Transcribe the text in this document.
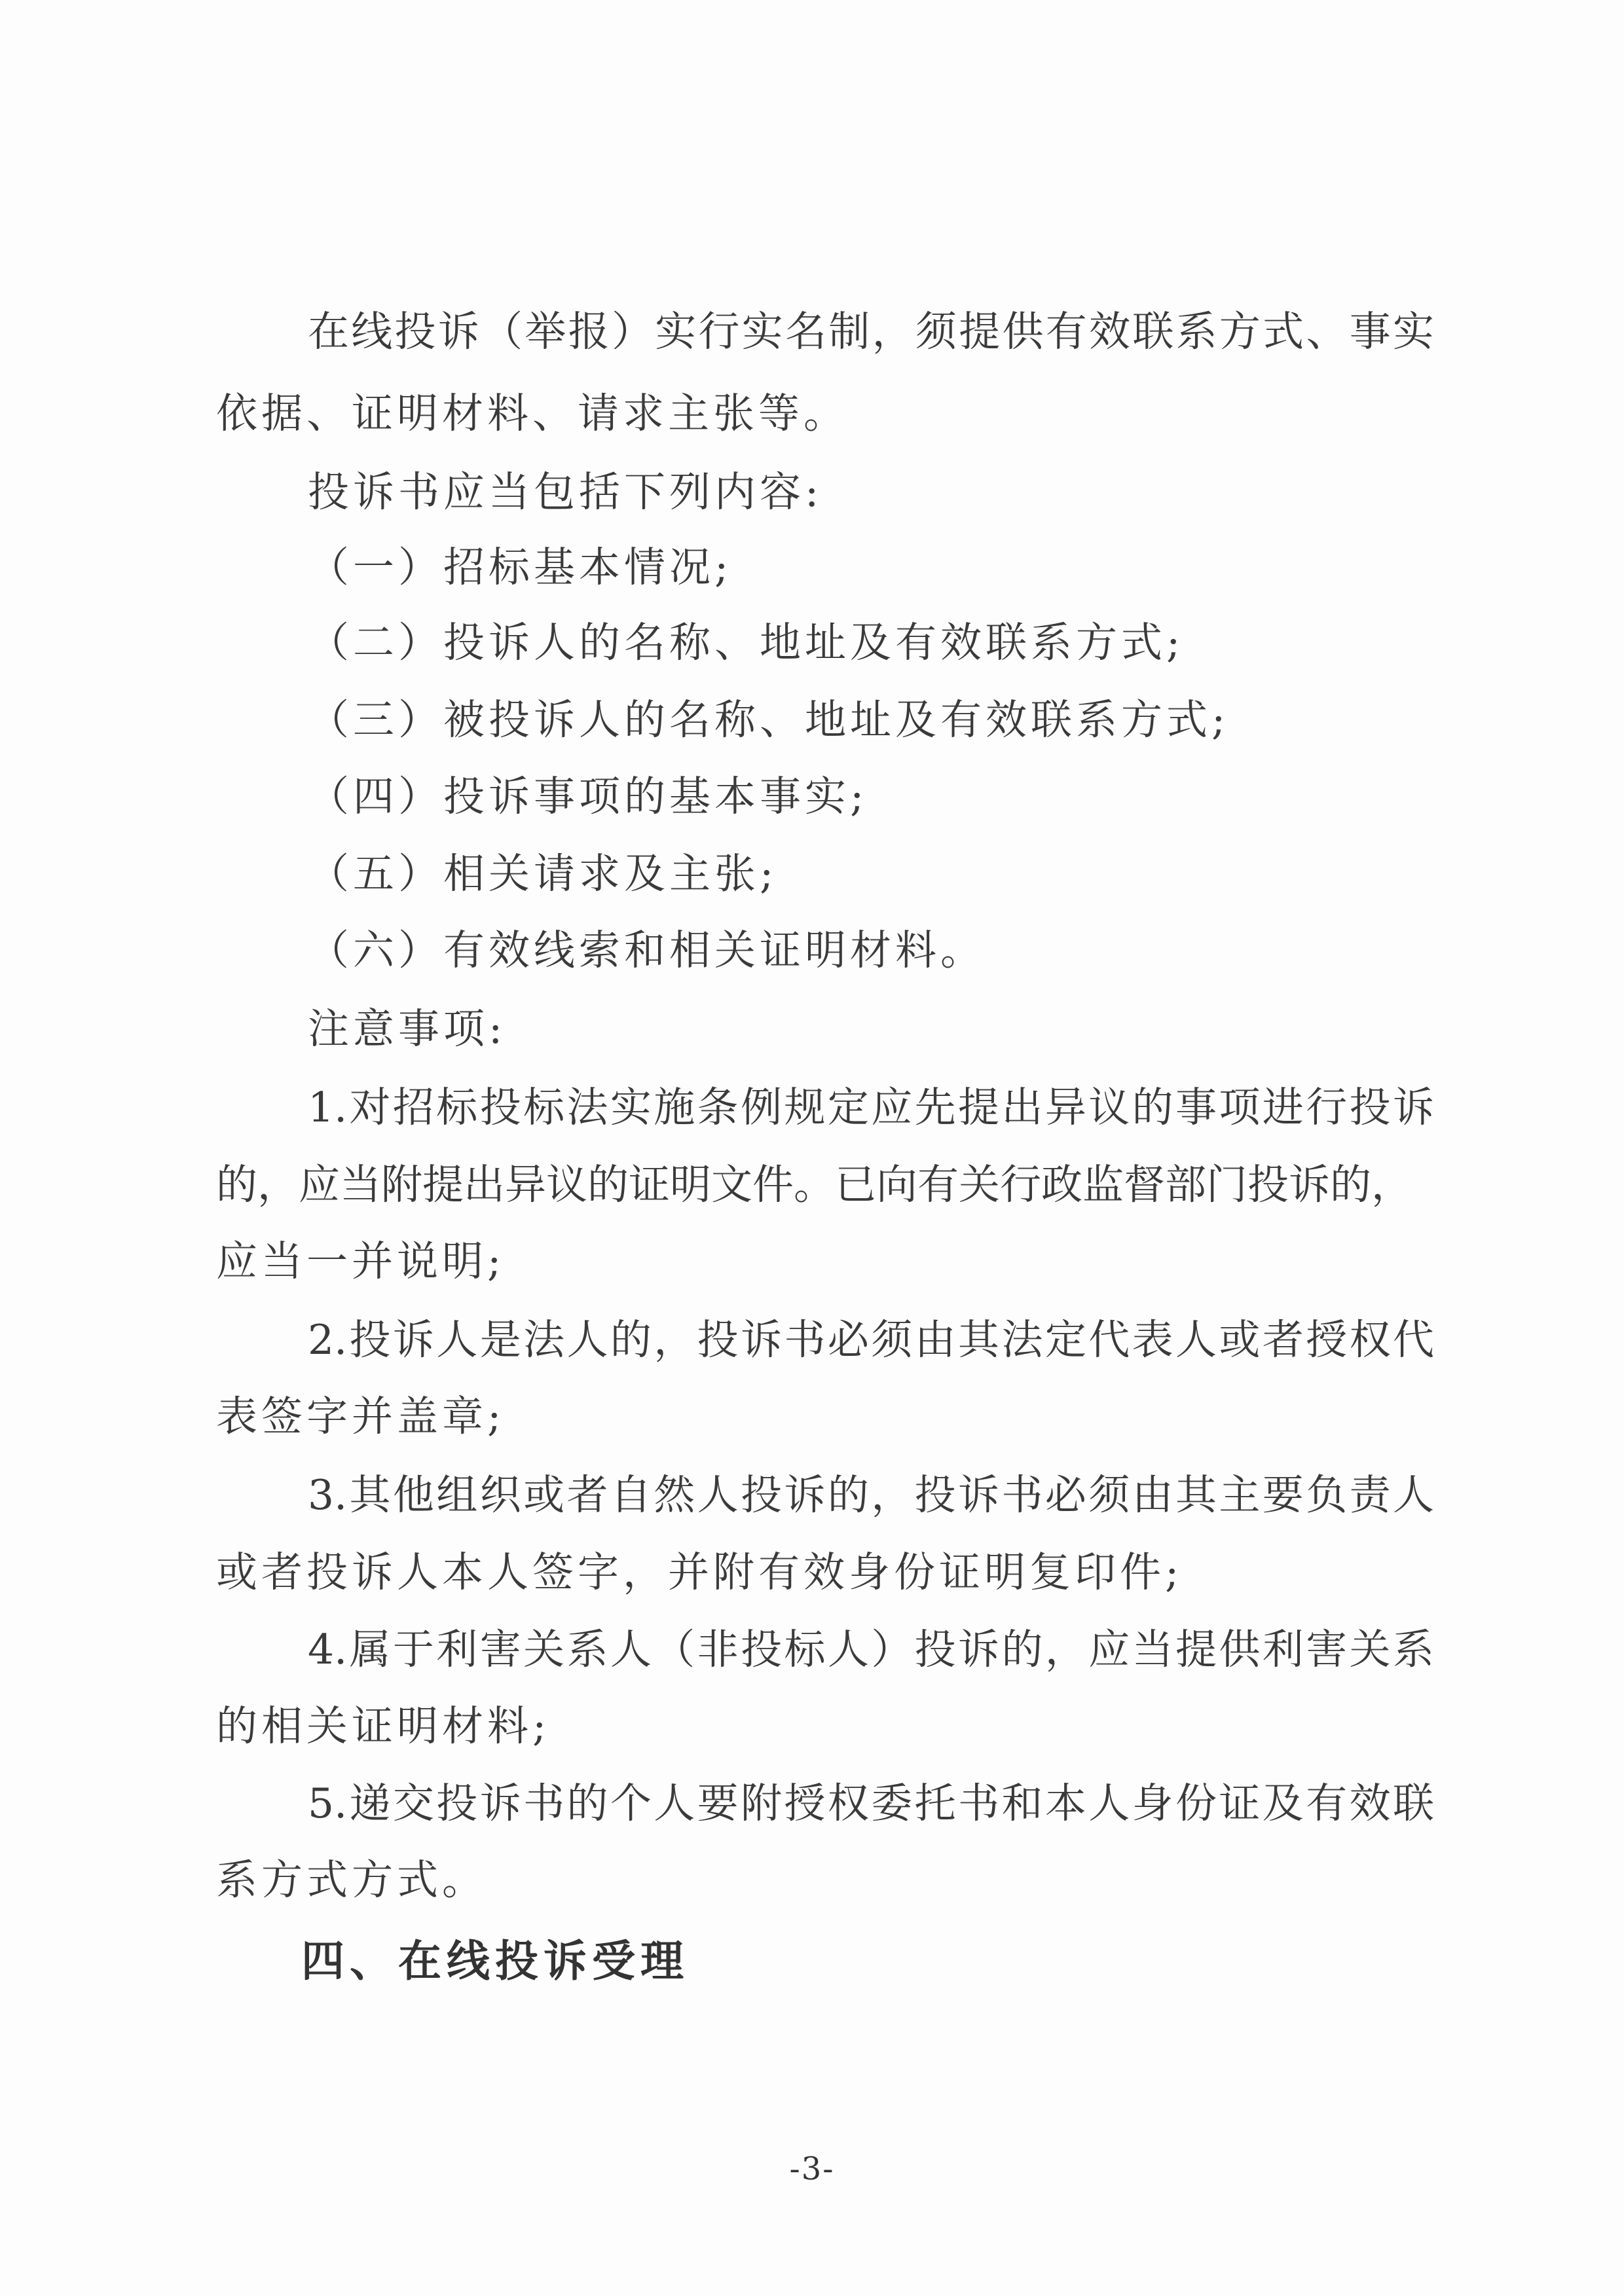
在线投诉（举报）实行实名制，须提供有效联系方式、事实
依据、证明材料、请求主张等。
投诉书应当包括下列内容:
（一）招标基本情况;
（二）投诉人的名称、地址及有效联系方式;
（三）被投诉人的名称、地址及有效联系方式;
（四）投诉事项的基本事实;
（五）相关请求及主张;
（六）有效线索和相关证明材料。
注意事项:
1.对招标投标法实施条例规定应先提出异议的事项进行投诉
的，应当附提出异议的证明文件。已向有关行政监督部门投诉的，
应当一并说明;
2.投诉人是法人的，投诉书必须由其法定代表人或者授权代
表签字并盖章;
3.其他组织或者自然人投诉的，投诉书必须由其主要负责人
或者投诉人本人签字，并附有效身份证明复印件;
4.属于利害关系人（非投标人）投诉的，应当提供利害关系
的相关证明材料;
5.递交投诉书的个人要附授权委托书和本人身份证及有效联
系方式方式。
四、在线投诉受理
-3-
